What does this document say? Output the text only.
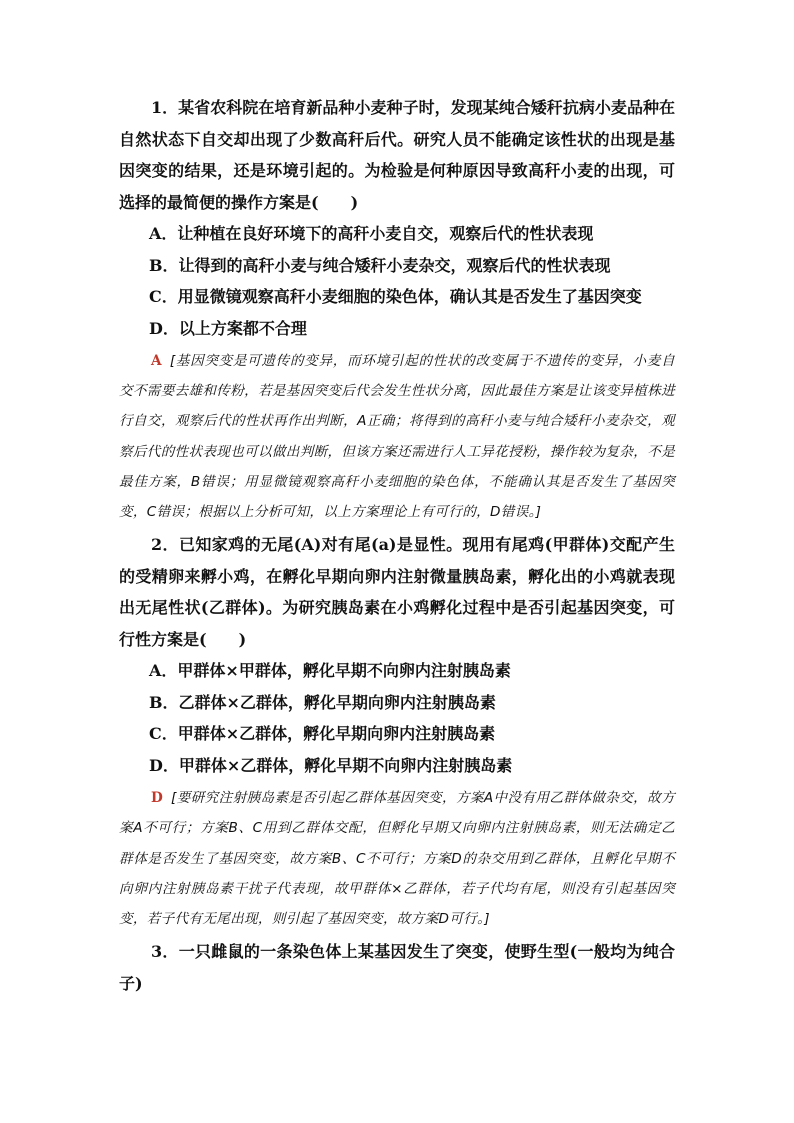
1．某省农科院在培育新品种小麦种子时，发现某纯合矮秆抗病小麦品种在自然状态下自交却出现了少数高秆后代。研究人员不能确定该性状的出现是基因突变的结果，还是环境引起的。为检验是何种原因导致高秆小麦的出现，可选择的最简便的操作方案是(　　)

A．让种植在良好环境下的高秆小麦自交，观察后代的性状表现

B．让得到的高秆小麦与纯合矮秆小麦杂交，观察后代的性状表现

C．用显微镜观察高秆小麦细胞的染色体，确认其是否发生了基因突变

D．以上方案都不合理

A [基因突变是可遗传的变异，而环境引起的性状的改变属于不遗传的变异，小麦自交不需要去雄和传粉，若是基因突变后代会发生性状分离，因此最佳方案是让该变异植株进行自交，观察后代的性状再作出判断，A正确；将得到的高秆小麦与纯合矮秆小麦杂交，观察后代的性状表现也可以做出判断，但该方案还需进行人工异花授粉，操作较为复杂，不是最佳方案，B错误；用显微镜观察高秆小麦细胞的染色体，不能确认其是否发生了基因突变，C错误；根据以上分析可知，以上方案理论上有可行的，D错误。]

2．已知家鸡的无尾(A)对有尾(a)是显性。现用有尾鸡(甲群体)交配产生的受精卵来孵小鸡，在孵化早期向卵内注射微量胰岛素，孵化出的小鸡就表现出无尾性状(乙群体)。为研究胰岛素在小鸡孵化过程中是否引起基因突变，可行性方案是(　　)

A．甲群体×甲群体，孵化早期不向卵内注射胰岛素

B．乙群体×乙群体，孵化早期向卵内注射胰岛素

C．甲群体×乙群体，孵化早期向卵内注射胰岛素

D．甲群体×乙群体，孵化早期不向卵内注射胰岛素

D [要研究注射胰岛素是否引起乙群体基因突变，方案A中没有用乙群体做杂交，故方案A不可行；方案B、C用到乙群体交配，但孵化早期又向卵内注射胰岛素，则无法确定乙群体是否发生了基因突变，故方案B、C不可行；方案D的杂交用到乙群体，且孵化早期不向卵内注射胰岛素干扰子代表现，故甲群体×乙群体，若子代均有尾，则没有引起基因突变，若子代有无尾出现，则引起了基因突变，故方案D可行。]

3．一只雌鼠的一条染色体上某基因发生了突变，使野生型(一般均为纯合子)
